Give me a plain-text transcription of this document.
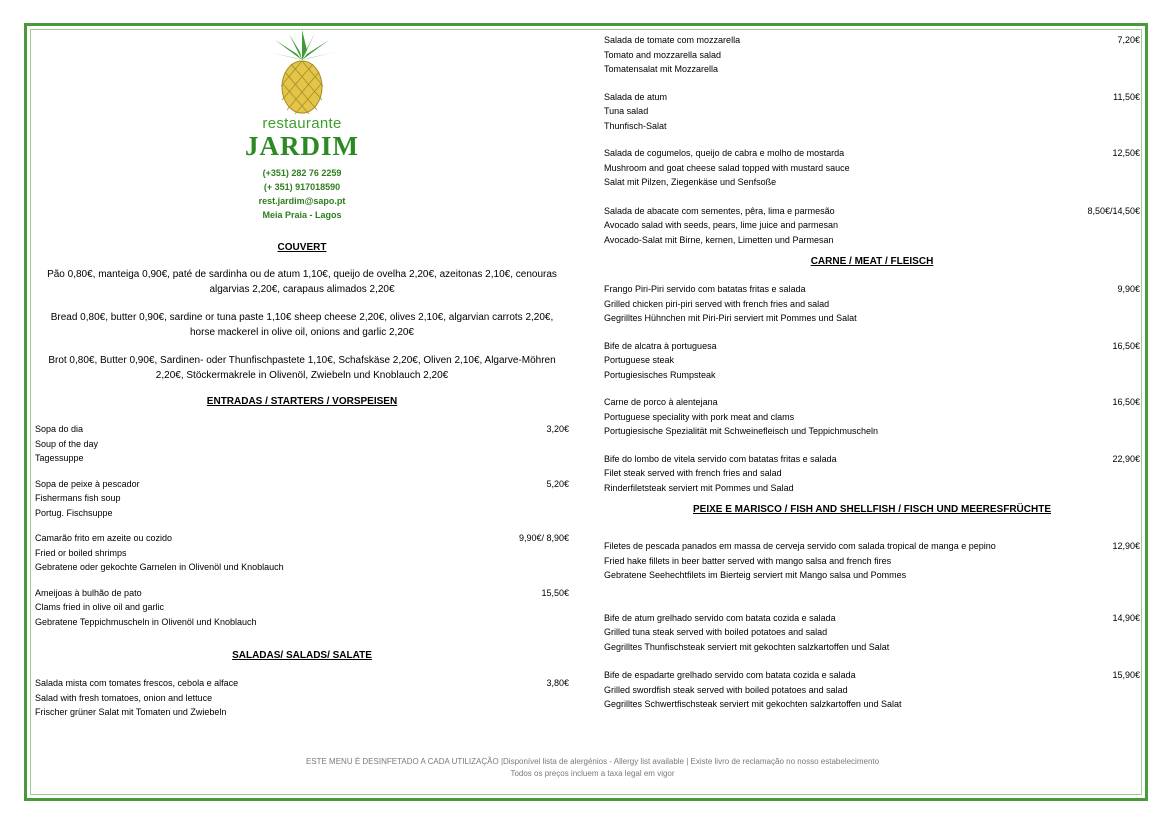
restaurante
JARDIM
(+351) 282 76 2259
(+ 351) 917018590
rest.jardim@sapo.pt
Meia Praia - Lagos
COUVERT
Pão 0,80€, manteiga 0,90€, paté de sardinha ou de atum 1,10€, queijo de ovelha 2,20€, azeitonas 2,10€, cenouras algarvias 2,20€, carapaus alimados 2,20€
Bread 0,80€, butter 0,90€, sardine or tuna paste 1,10€ sheep cheese 2,20€, olives 2,10€, algarvian carrots 2,20€, horse mackerel in olive oil, onions and garlic 2,20€
Brot 0,80€, Butter 0,90€, Sardinen- oder Thunfischpastete 1,10€, Schafskäse 2,20€, Oliven 2,10€, Algarve-Möhren 2,20€, Stöckermakrele in Olivenöl, Zwiebeln und Knoblauch 2,20€
ENTRADAS / STARTERS / VORSPEISEN
Sopa do dia
Soup of the day
Tagessuppe
3,20€
Sopa de peixe à pescador
Fishermans fish soup
Portug. Fischsuppe
5,20€
Camarão frito em azeite ou cozido
Fried or boiled shrimps
Gebratene oder gekochte Garnelen in Olivenöl und Knoblauch
9,90€/ 8,90€
Ameijoas à bulhão de pato
Clams fried in olive oil and garlic
Gebratene Teppichmuscheln in Olivenöl und Knoblauch
15,50€
SALADAS/ SALADS/ SALATE
Salada mista com tomates frescos, cebola e alface
Salad with fresh tomatoes, onion and lettuce
Frischer grüner Salat mit Tomaten und Zwiebeln
3,80€
Salada de tomate com mozzarella
Tomato and mozzarella salad
Tomatensalat mit Mozzarella
7,20€
Salada de atum
Tuna salad
Thunfisch-Salat
11,50€
Salada de cogumelos, queijo de cabra e molho de mostarda
Mushroom and goat cheese salad topped with mustard sauce
Salat mit Pilzen, Ziegenkäse und Senfsoße
12,50€
Salada de abacate com sementes, pêra, lima e parmesão
Avocado salad with seeds, pears, lime juice and parmesan
Avocado-Salat mit Birne, kernen, Limetten und Parmesan
8,50€/14,50€
CARNE / MEAT / FLEISCH
Frango Piri-Piri servido com batatas fritas e salada
Grilled chicken piri-piri served with french fries and salad
Gegrilltes Hühnchen mit Piri-Piri serviert mit Pommes und Salat
9,90€
Bife de alcatra à portuguesa
Portuguese steak
Portugiesisches Rumpsteak
16,50€
Carne de porco à alentejana
Portuguese speciality with pork meat and clams
Portugiesische Spezialität mit Schweinefleisch und Teppichmuscheln
16,50€
Bife do lombo de vitela servido com batatas fritas e salada
Filet steak served with french fries and salad
Rinderfiletsteak serviert mit Pommes und Salad
22,90€
PEIXE E MARISCO / FISH AND SHELLFISH / FISCH UND MEERESFRÜCHTE
Filetes de pescada panados em massa de cerveja servido com salada tropical de manga e pepino
Fried hake fillets in beer batter served with mango salsa and french fires
Gebratene Seehechtfilets im Bierteig serviert mit Mango salsa und Pommes
12,90€
Bife de atum grelhado servido com batata cozida e salada
Grilled tuna steak served with boiled potatoes and salad
Gegrilltes Thunfischsteak serviert mit gekochten salzkartoffen und Salat
14,90€
Bife de espadarte grelhado servido com batata cozida e salada
Grilled swordfish steak served with boiled potatoes and salad
Gegrilltes Schwertfischsteak serviert mit gekochten salzkartoffen und Salat
15,90€
ESTE MENU É DESINFETADO A CADA UTILIZAÇÃO |Disponível lista de alergénios - Allergy list available | Existe livro de reclamação no nosso estabelecimento
Todos os preços incluem a taxa legal em vigor
